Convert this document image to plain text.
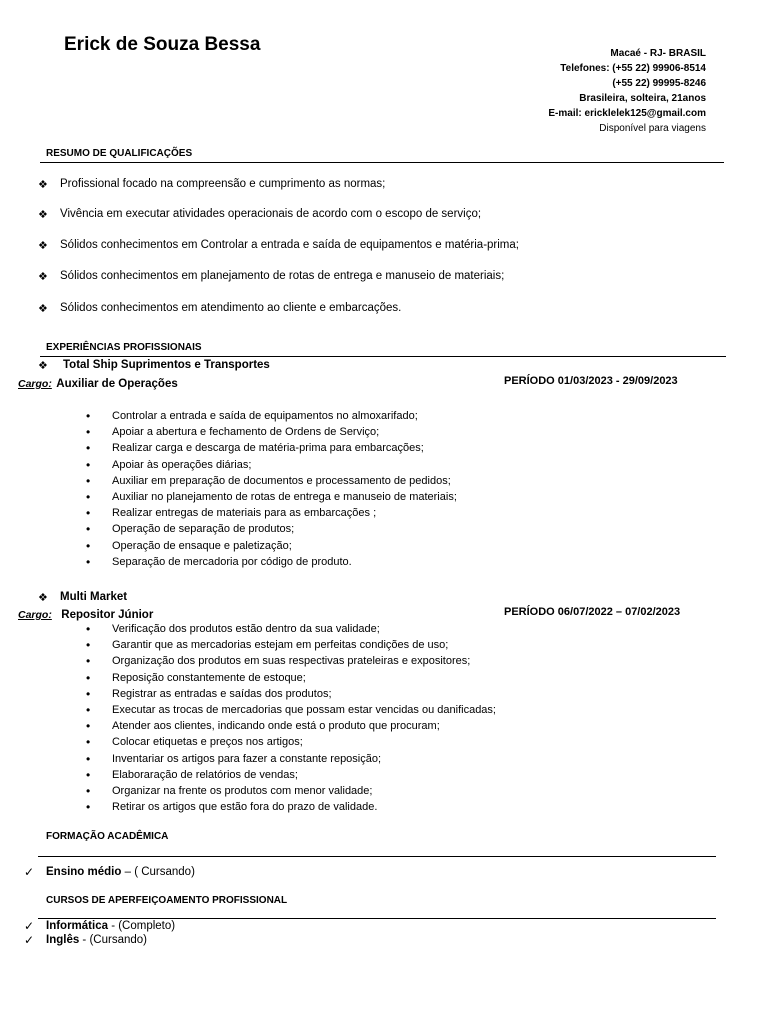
Erick de Souza Bessa	Macaé - RJ- BRASIL
Telefones: (+55 22) 99906-8514
(+55 22) 99995-8246
Brasileira, solteira, 21anos
E-mail: ericklelek125@gmail.com
Disponível para viagens
RESUMO DE QUALIFICAÇÕES
❖ Profissional focado na compreensão e cumprimento as normas;
❖ Vivência em executar atividades operacionais de acordo com o escopo de serviço;
❖ Sólidos conhecimentos em Controlar a entrada e saída de equipamentos e matéria-prima;
❖ Sólidos conhecimentos em planejamento de rotas de entrega e manuseio de materiais;
❖ Sólidos conhecimentos em atendimento ao cliente e embarcações.
EXPERIÊNCIAS PROFISSIONAIS
❖ Total Ship Suprimentos e Transportes
Cargo: Auxiliar de Operações	PERÍODO 01/03/2023 - 29/09/2023
• Controlar a entrada e saída de equipamentos no almoxarifado;
• Apoiar a abertura e fechamento de Ordens de Serviço;
• Realizar carga e descarga de matéria-prima para embarcações;
• Apoiar às operações diárias;
• Auxiliar em preparação de documentos e processamento de pedidos;
• Auxiliar no planejamento de rotas de entrega e manuseio de materiais;
• Realizar entregas de materiais para as embarcações ;
• Operação de separação de produtos;
• Operação de ensaque e paletização;
• Separação de mercadoria por código de produto.
❖ Multi Market
Cargo: Repositor Júnior	PERÍODO 06/07/2022 – 07/02/2023
• Verificação dos produtos estão dentro da sua validade;
• Garantir que as mercadorias estejam em perfeitas condições de uso;
• Organização dos produtos em suas respectivas prateleiras e expositores;
• Reposição constantemente de estoque;
• Registrar as entradas e saídas dos produtos;
• Executar as trocas de mercadorias que possam estar vencidas ou danificadas;
• Atender aos clientes, indicando onde está o produto que procuram;
• Colocar etiquetas e preços nos artigos;
• Inventariar os artigos para fazer a constante reposição;
• Elaboraração de relatórios de vendas;
• Organizar na frente os produtos com menor validade;
• Retirar os artigos que estão fora do prazo de validade.
FORMAÇÃO ACADÊMICA
✓ Ensino médio – ( Cursando)
CURSOS DE APERFEIÇOAMENTO PROFISSIONAL
✓ Informática - (Completo)
✓ Inglês - (Cursando)
